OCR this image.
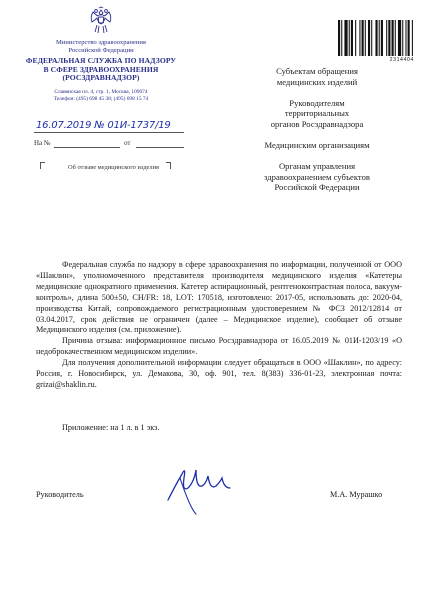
Министерство здравоохранения
Российской Федерации
ФЕДЕРАЛЬНАЯ СЛУЖБА ПО НАДЗОРУ
В СФЕРЕ ЗДРАВООХРАНЕНИЯ
(РОСЗДРАВНАДЗОР)
Славянская пл. 4, стр. 1, Москва, 109074
Телефон: (495) 698 45 38; (495) 698 15 74
16.07.2019 № 01И-1737/19
На №	от
Об отзыве медицинского изделия
2314404
Субъектам обращения
медицинских изделий
Руководителям
территориальных
органов Росздравнадзора
Медицинским организациям
Органам управления
здравоохранением субъектов
Российской Федерации

Федеральная служба по надзору в сфере здравоохранения по информации, полученной от ООО «Шаклин», уполномоченного представителя производителя медицинского изделия «Катетеры медицинские однократного применения. Катетер аспирационный, рентгеноконтрастная полоса, вакуум-контроль», длина 500±50, CH/FR: 18, LOT: 170518, изготовлено: 2017-05, использовать до: 2020-04, производства Китай, сопровождаемого регистрационным удостоверением № ФСЗ 2012/12814 от 03.04.2017, срок действия не ограничен (далее – Медицинское изделие), сообщает об отзыве Медицинского изделия (см. приложение).

Причина отзыва: информационное письмо Росздравнадзора от 16.05.2019 № 01И-1203/19 «О недоброкачественном медицинском изделии».

Для получения дополнительной информации следует обращаться в ООО «Шаклин», по адресу: Россия, г. Новосибирск, ул. Демакова, 30, оф. 901, тел. 8(383) 336-01-23, электронная почта: grizai@shaklin.ru.

Приложение: на 1 л. в 1 экз.
Руководитель	М.А. Мурашко
